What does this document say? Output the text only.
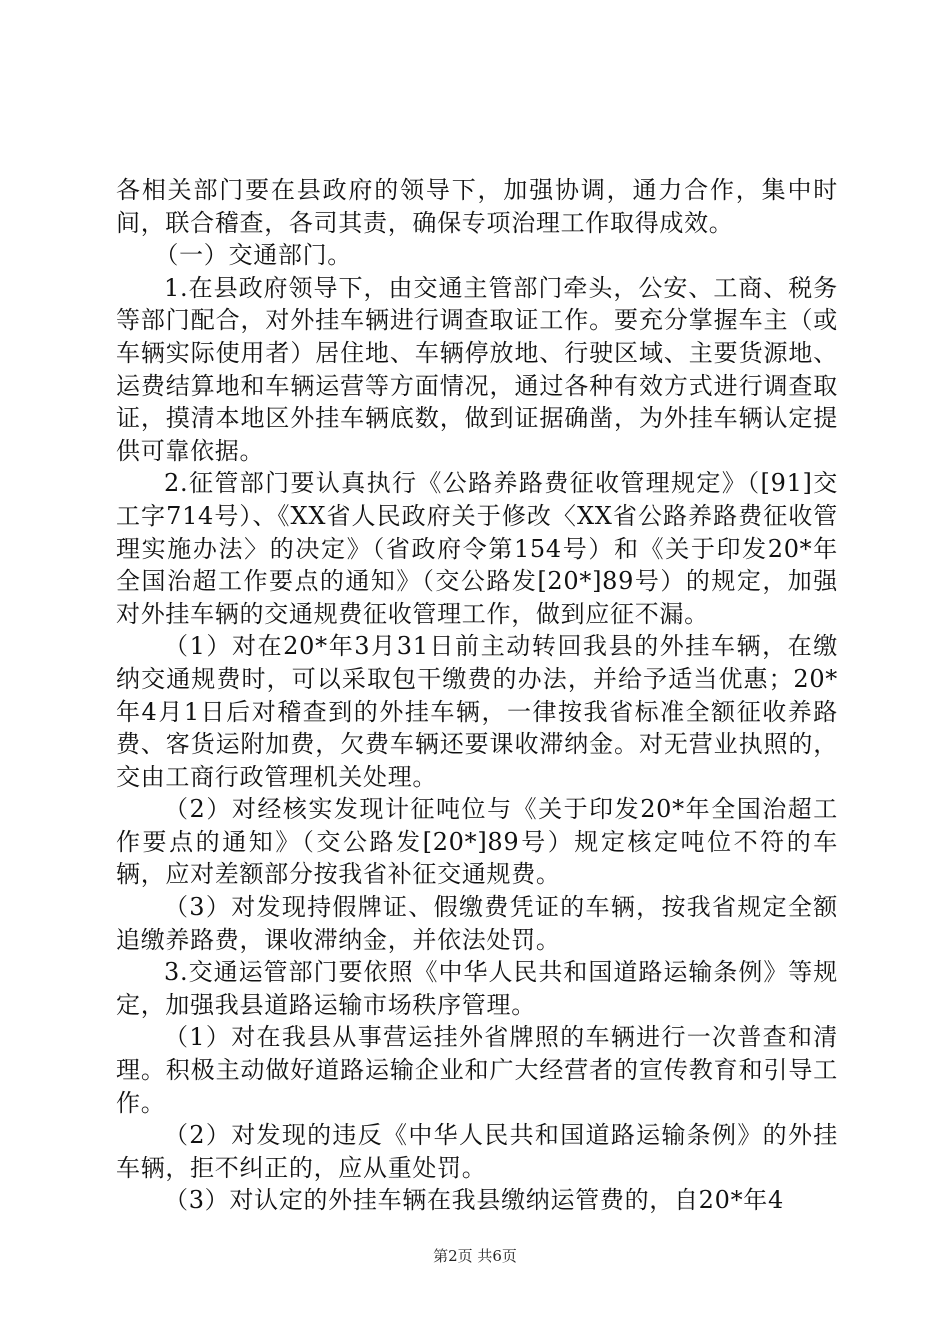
各相关部门要在县政府的领导下，加强协调，通力合作，集中时间，联合稽查，各司其责，确保专项治理工作取得成效。

（一）交通部门。

1.在县政府领导下，由交通主管部门牵头，公安、工商、税务等部门配合，对外挂车辆进行调查取证工作。要充分掌握车主（或车辆实际使用者）居住地、车辆停放地、行驶区域、主要货源地、运费结算地和车辆运营等方面情况，通过各种有效方式进行调查取证，摸清本地区外挂车辆底数，做到证据确凿，为外挂车辆认定提供可靠依据。

2.征管部门要认真执行《公路养路费征收管理规定》（[91]交工字714号）、《XX省人民政府关于修改〈XX省公路养路费征收管理实施办法〉的决定》（省政府令第154号）和《关于印发20*年全国治超工作要点的通知》（交公路发[20*]89号）的规定，加强对外挂车辆的交通规费征收管理工作，做到应征不漏。

（1）对在20*年3月31日前主动转回我县的外挂车辆，在缴纳交通规费时，可以采取包干缴费的办法，并给予适当优惠；20*年4月1日后对稽查到的外挂车辆，一律按我省标准全额征收养路费、客货运附加费，欠费车辆还要课收滞纳金。对无营业执照的，交由工商行政管理机关处理。

（2）对经核实发现计征吨位与《关于印发20*年全国治超工作要点的通知》（交公路发[20*]89号）规定核定吨位不符的车辆，应对差额部分按我省补征交通规费。

（3）对发现持假牌证、假缴费凭证的车辆，按我省规定全额追缴养路费，课收滞纳金，并依法处罚。

3.交通运管部门要依照《中华人民共和国道路运输条例》等规定，加强我县道路运输市场秩序管理。

（1）对在我县从事营运挂外省牌照的车辆进行一次普查和清理。积极主动做好道路运输企业和广大经营者的宣传教育和引导工作。

（2）对发现的违反《中华人民共和国道路运输条例》的外挂车辆，拒不纠正的，应从重处罚。

（3）对认定的外挂车辆在我县缴纳运管费的，自20*年4

第2页 共6页
